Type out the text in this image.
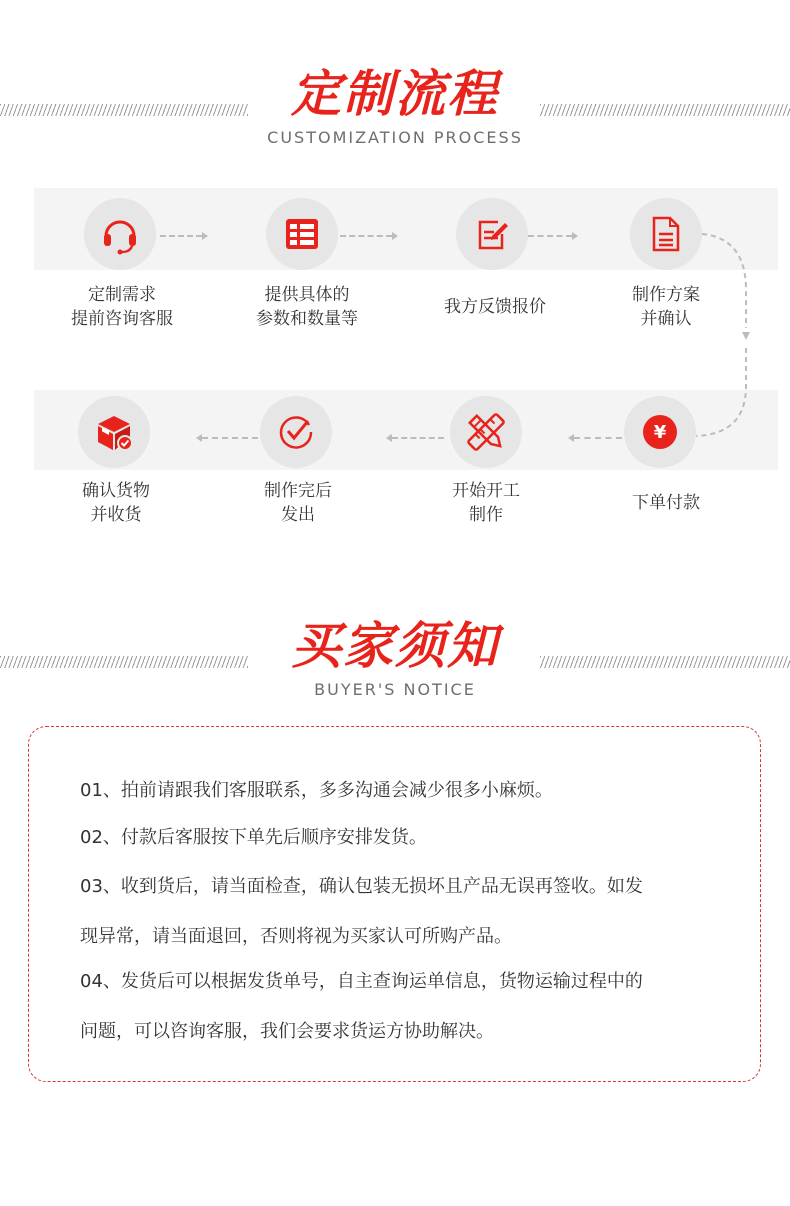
定制流程
CUSTOMIZATION PROCESS
定制需求
提前咨询客服
提供具体的
参数和数量等
我方反馈报价
制作方案
并确认
¥
下单付款
开始开工
制作
制作完后
发出
确认货物
并收货
买家须知
BUYER'S NOTICE
01、拍前请跟我们客服联系，多多沟通会减少很多小麻烦。
02、付款后客服按下单先后顺序安排发货。
03、收到货后，请当面检查，确认包装无损坏且产品无误再签收。如发
现异常，请当面退回，否则将视为买家认可所购产品。
04、发货后可以根据发货单号，自主查询运单信息，货物运输过程中的
问题，可以咨询客服，我们会要求货运方协助解决。
